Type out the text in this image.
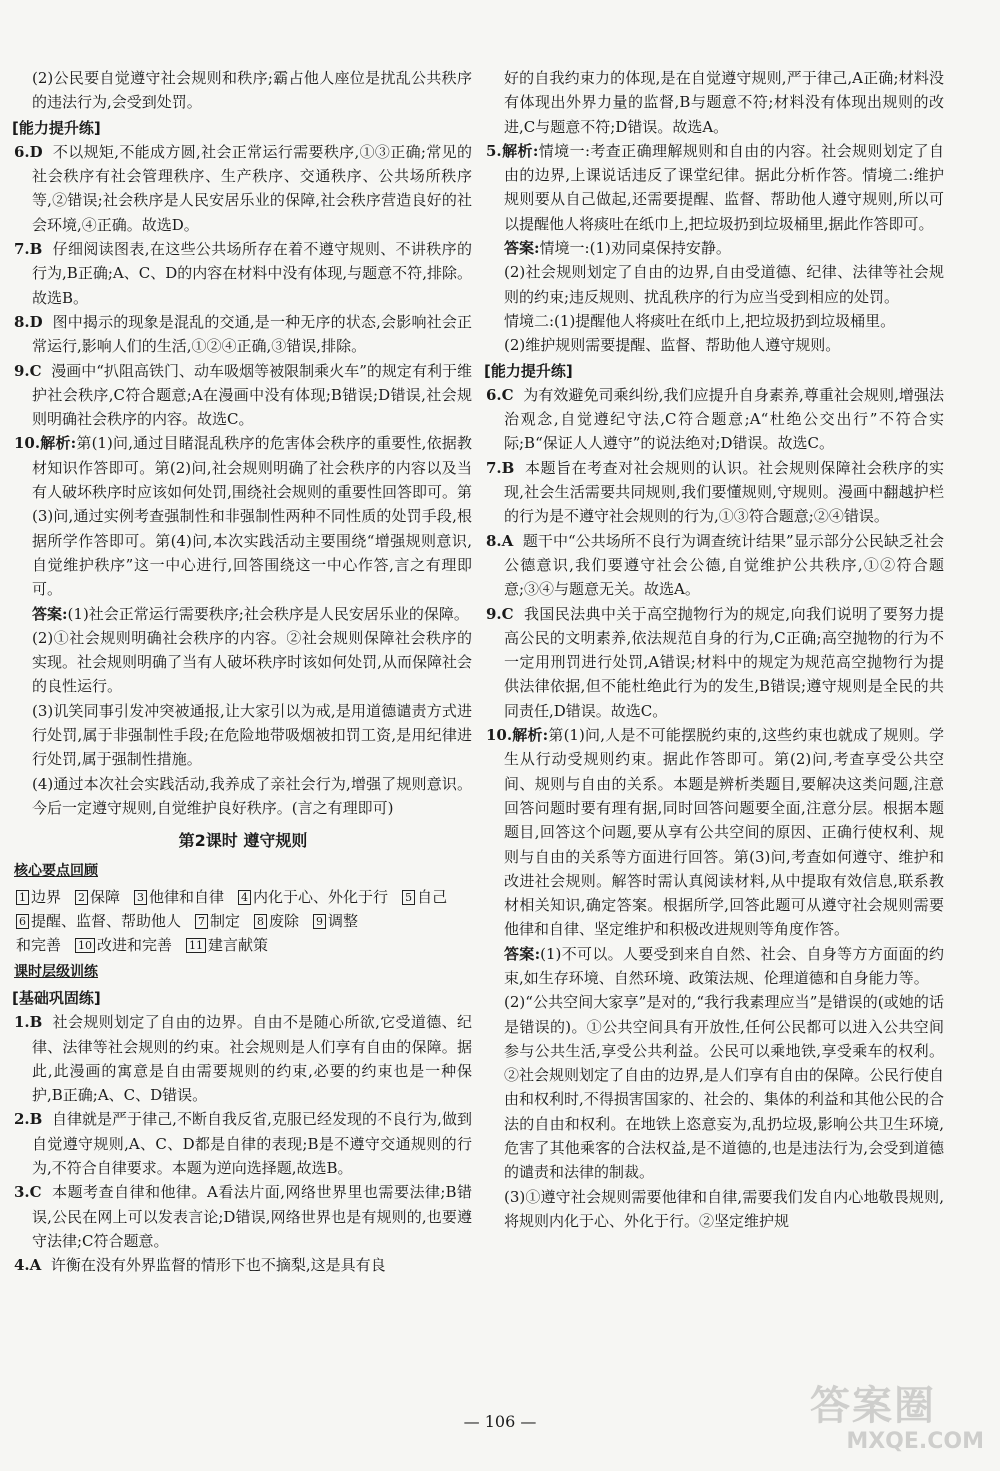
(2)公民要自觉遵守社会规则和秩序;霸占他人座位是扰乱公共秩序的违法行为,会受到处罚。

[能力提升练]

6.D 不以规矩,不能成方圆,社会正常运行需要秩序,①③正确;常见的社会秩序有社会管理秩序、生产秩序、交通秩序、公共场所秩序等,②错误;社会秩序是人民安居乐业的保障,社会秩序营造良好的社会环境,④正确。故选D。

7.B 仔细阅读图表,在这些公共场所存在着不遵守规则、不讲秩序的行为,B正确;A、C、D的内容在材料中没有体现,与题意不符,排除。故选B。

8.D 图中揭示的现象是混乱的交通,是一种无序的状态,会影响社会正常运行,影响人们的生活,①②④正确,③错误,排除。

9.C 漫画中“扒阻高铁门、动车吸烟等被限制乘火车”的规定有利于维护社会秩序,C符合题意;A在漫画中没有体现;B错误;D错误,社会规则明确社会秩序的内容。故选C。

10.解析:第(1)问,通过目睹混乱秩序的危害体会秩序的重要性,依据教材知识作答即可。第(2)问,社会规则明确了社会秩序的内容以及当有人破坏秩序时应该如何处罚,围绕社会规则的重要性回答即可。第(3)问,通过实例考查强制性和非强制性两种不同性质的处罚手段,根据所学作答即可。第(4)问,本次实践活动主要围绕“增强规则意识,自觉维护秩序”这一中心进行,回答围绕这一中心作答,言之有理即可。

答案:(1)社会正常运行需要秩序;社会秩序是人民安居乐业的保障。

(2)①社会规则明确社会秩序的内容。②社会规则保障社会秩序的实现。社会规则明确了当有人破坏秩序时该如何处罚,从而保障社会的良性运行。

(3)讥笑同事引发冲突被通报,让大家引以为戒,是用道德谴责方式进行处罚,属于非强制性手段;在危险地带吸烟被扣罚工资,是用纪律进行处罚,属于强制性措施。

(4)通过本次社会实践活动,我养成了亲社会行为,增强了规则意识。今后一定遵守规则,自觉维护良好秩序。(言之有理即可)

第2课时 遵守规则

核心要点回顾

1 边界 2 保障 3 他律和自律 4 内化于心、外化于行 5 自己
6 提醒、监督、帮助他人 7 制定 8 废除 9 调整
和完善 10 改进和完善 11 建言献策

课时层级训练

[基础巩固练]

1.B 社会规则划定了自由的边界。自由不是随心所欲,它受道德、纪律、法律等社会规则的约束。社会规则是人们享有自由的保障。据此,此漫画的寓意是自由需要规则的约束,必要的约束也是一种保护,B正确;A、C、D错误。

2.B 自律就是严于律己,不断自我反省,克服已经发现的不良行为,做到自觉遵守规则,A、C、D都是自律的表现;B是不遵守交通规则的行为,不符合自律要求。本题为逆向选择题,故选B。

3.C 本题考查自律和他律。A看法片面,网络世界里也需要法律;B错误,公民在网上可以发表言论;D错误,网络世界也是有规则的,也要遵守法律;C符合题意。

4.A 许衡在没有外界监督的情形下也不摘梨,这是具有良

好的自我约束力的体现,是在自觉遵守规则,严于律己,A正确;材料没有体现出外界力量的监督,B与题意不符;材料没有体现出规则的改进,C与题意不符;D错误。故选A。

5.解析:情境一:考查正确理解规则和自由的内容。社会规则划定了自由的边界,上课说话违反了课堂纪律。据此分析作答。情境二:维护规则要从自己做起,还需要提醒、监督、帮助他人遵守规则,所以可以提醒他人将痰吐在纸巾上,把垃圾扔到垃圾桶里,据此作答即可。

答案:情境一:(1)劝同桌保持安静。

(2)社会规则划定了自由的边界,自由受道德、纪律、法律等社会规则的约束;违反规则、扰乱秩序的行为应当受到相应的处罚。

情境二:(1)提醒他人将痰吐在纸巾上,把垃圾扔到垃圾桶里。

(2)维护规则需要提醒、监督、帮助他人遵守规则。

[能力提升练]

6.C 为有效避免司乘纠纷,我们应提升自身素养,尊重社会规则,增强法治观念,自觉遵纪守法,C符合题意;A“杜绝公交出行”不符合实际;B“保证人人遵守”的说法绝对;D错误。故选C。

7.B 本题旨在考查对社会规则的认识。社会规则保障社会秩序的实现,社会生活需要共同规则,我们要懂规则,守规则。漫画中翻越护栏的行为是不遵守社会规则的行为,①③符合题意;②④错误。

8.A 题干中“公共场所不良行为调查统计结果”显示部分公民缺乏社会公德意识,我们要遵守社会公德,自觉维护公共秩序,①②符合题意;③④与题意无关。故选A。

9.C 我国民法典中关于高空抛物行为的规定,向我们说明了要努力提高公民的文明素养,依法规范自身的行为,C正确;高空抛物的行为不一定用刑罚进行处罚,A错误;材料中的规定为规范高空抛物行为提供法律依据,但不能杜绝此行为的发生,B错误;遵守规则是全民的共同责任,D错误。故选C。

10.解析:第(1)问,人是不可能摆脱约束的,这些约束也就成了规则。学生从行动受规则约束。据此作答即可。第(2)问,考查享受公共空间、规则与自由的关系。本题是辨析类题目,要解决这类问题,注意回答问题时要有理有据,同时回答问题要全面,注意分层。根据本题题目,回答这个问题,要从享有公共空间的原因、正确行使权利、规则与自由的关系等方面进行回答。第(3)问,考查如何遵守、维护和改进社会规则。解答时需认真阅读材料,从中提取有效信息,联系教材相关知识,确定答案。根据所学,回答此题可从遵守社会规则需要他律和自律、坚定维护和积极改进规则等角度作答。

答案:(1)不可以。人要受到来自自然、社会、自身等方方面面的约束,如生存环境、自然环境、政策法规、伦理道德和自身能力等。

(2)“公共空间大家享”是对的,“我行我素理应当”是错误的(或她的话是错误的)。①公共空间具有开放性,任何公民都可以进入公共空间参与公共生活,享受公共利益。公民可以乘地铁,享受乘车的权利。②社会规则划定了自由的边界,是人们享有自由的保障。公民行使自由和权利时,不得损害国家的、社会的、集体的利益和其他公民的合法的自由和权利。在地铁上恣意妄为,乱扔垃圾,影响公共卫生环境,危害了其他乘客的合法权益,是不道德的,也是违法行为,会受到道德的谴责和法律的制裁。

(3)①遵守社会规则需要他律和自律,需要我们发自内心地敬畏规则,将规则内化于心、外化于行。②坚定维护规

— 106 —	答案圈
MXQE.COM
